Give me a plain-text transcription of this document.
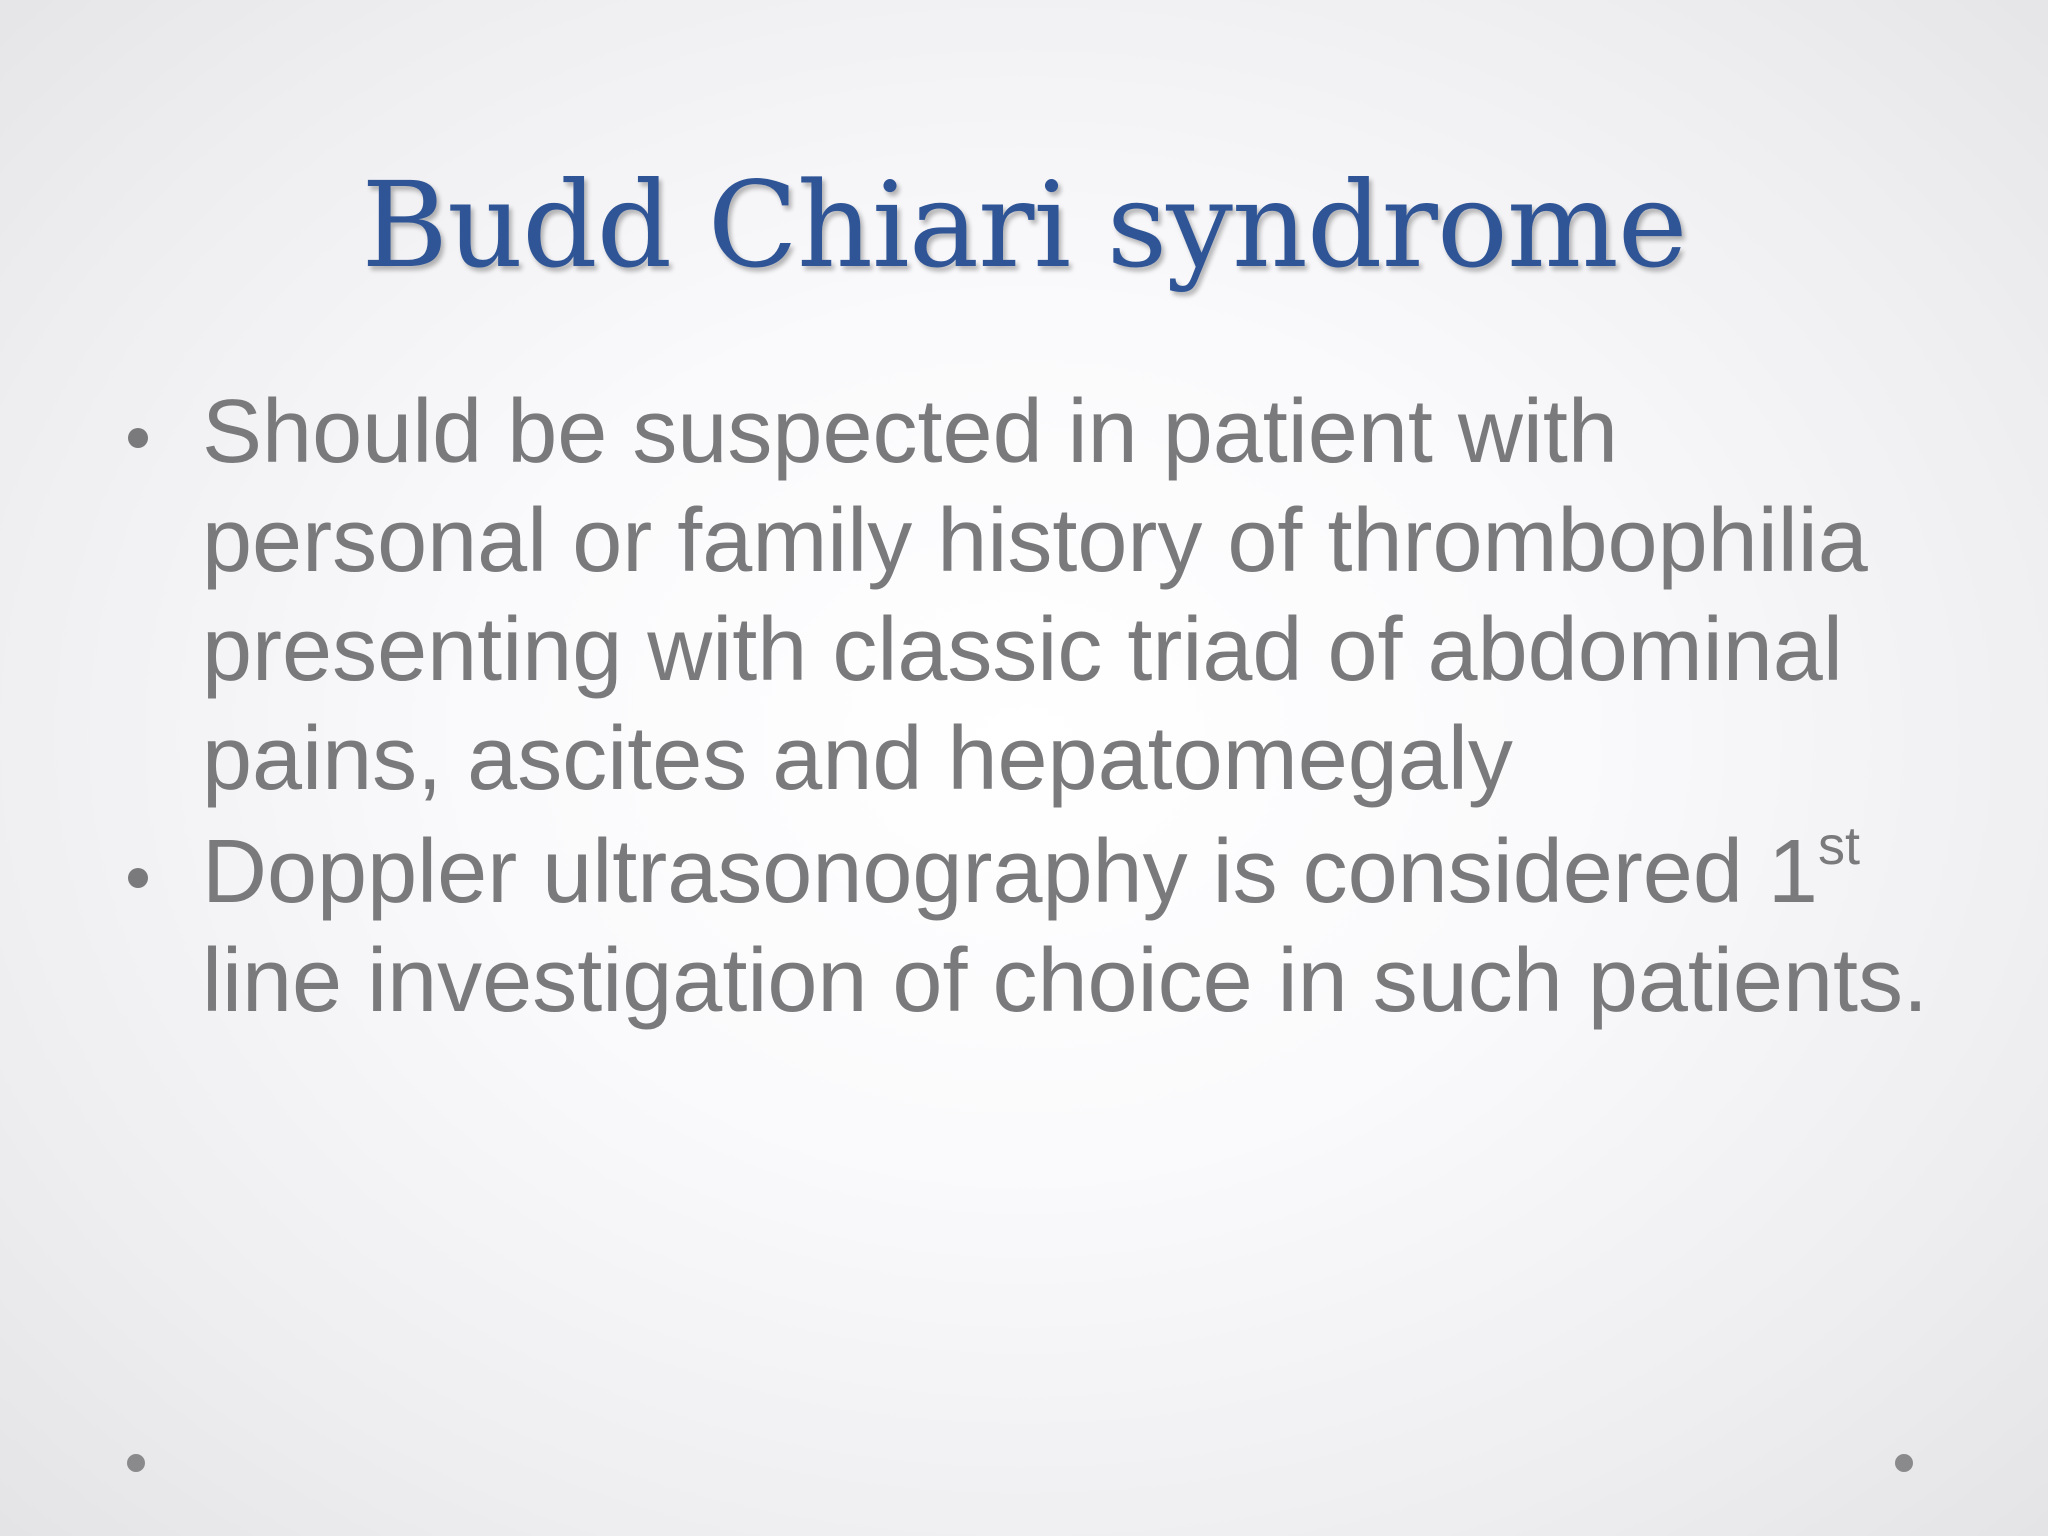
Budd Chiari syndrome
Should be suspected in patient with personal or family history of thrombophilia presenting with classic triad of abdominal pains, ascites and hepatomegaly
Doppler ultrasonography is considered 1st line investigation of choice in such patients.
